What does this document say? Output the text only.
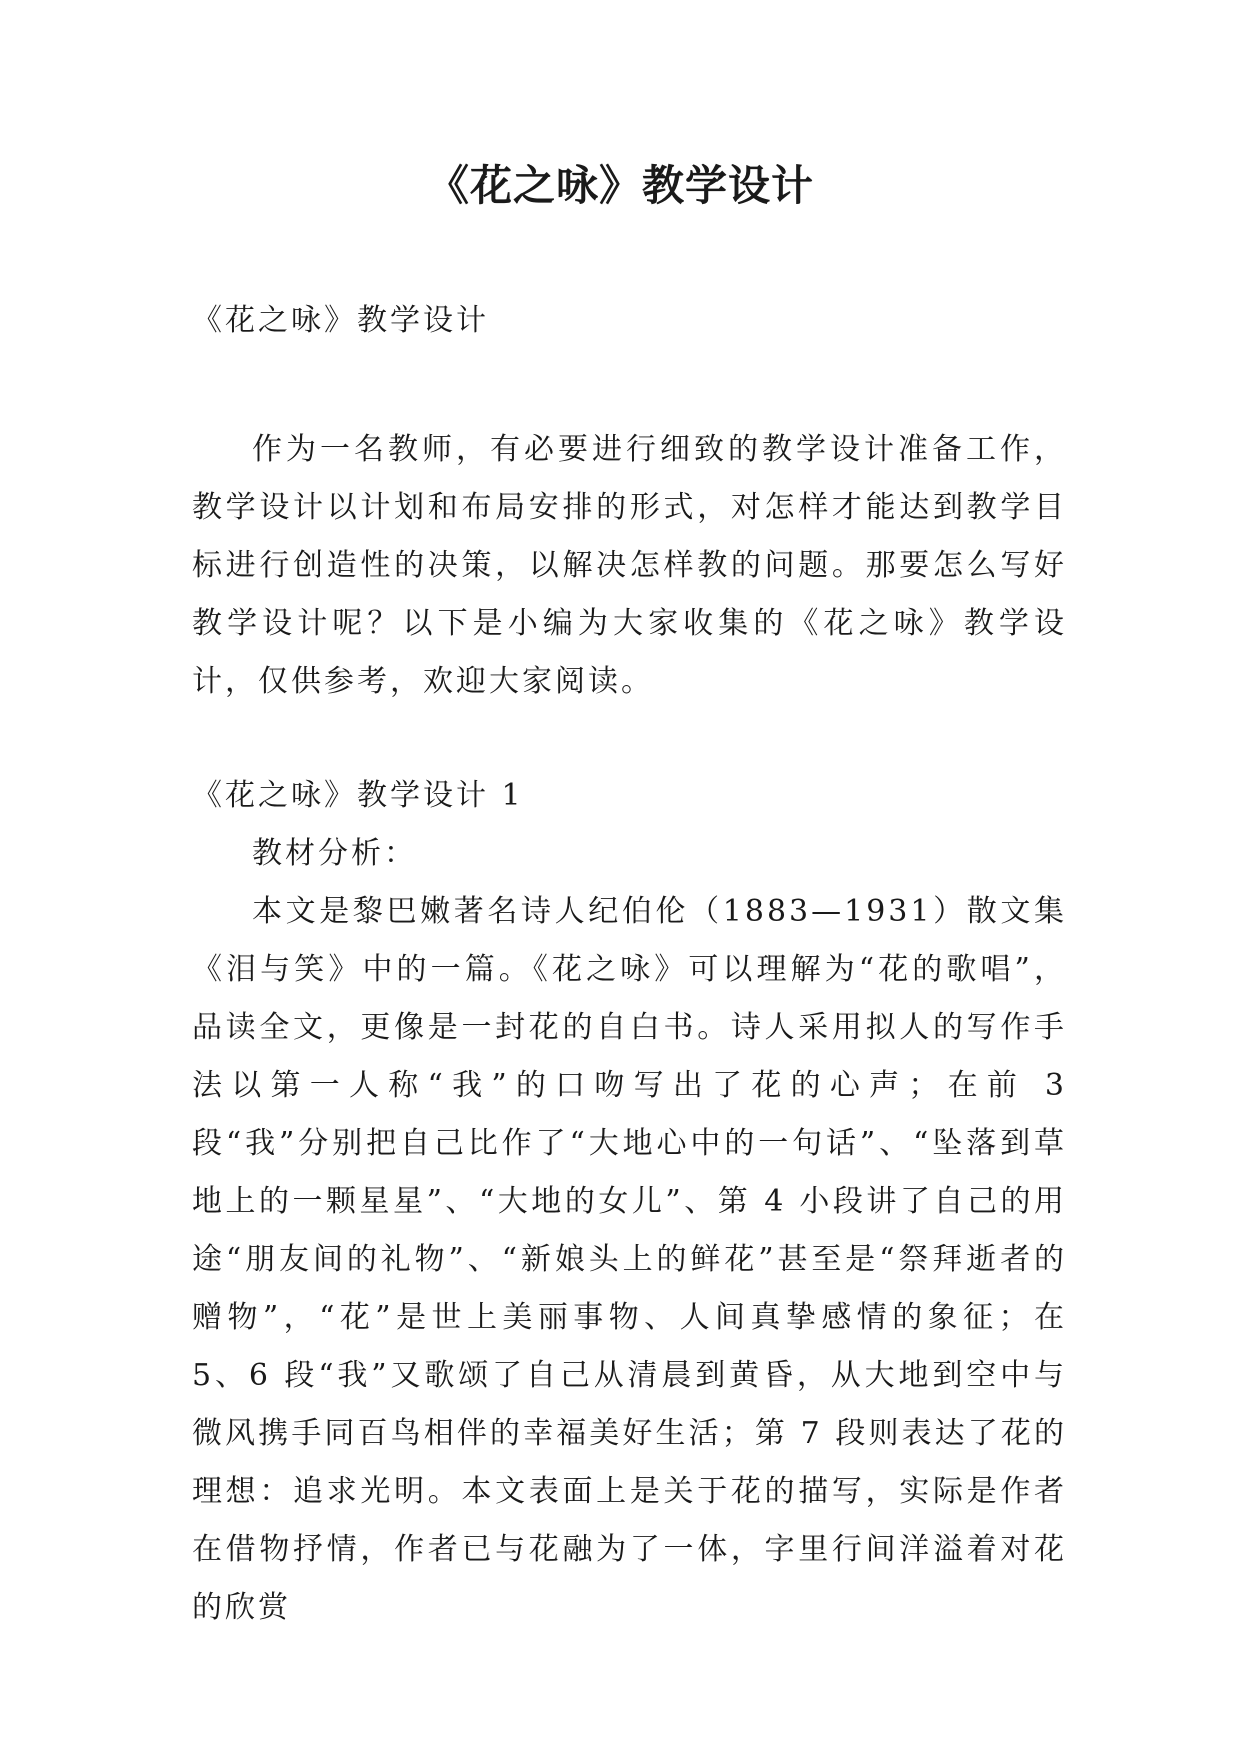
《花之咏》教学设计

《花之咏》教学设计

作为一名教师，有必要进行细致的教学设计准备工作，教学设计以计划和布局安排的形式，对怎样才能达到教学目标进行创造性的决策，以解决怎样教的问题。那要怎么写好教学设计呢？以下是小编为大家收集的《花之咏》教学设计，仅供参考，欢迎大家阅读。

《花之咏》教学设计 1

教材分析：

本文是黎巴嫩著名诗人纪伯伦（1883—1931）散文集《泪与笑》中的一篇。《花之咏》可以理解为“花的歌唱”，品读全文，更像是一封花的自白书。诗人采用拟人的写作手法以第一人称“我”的口吻写出了花的心声；在前 3 段“我”分别把自己比作了“大地心中的一句话”、“坠落到草地上的一颗星星”、“大地的女儿”、第 4 小段讲了自己的用途“朋友间的礼物”、“新娘头上的鲜花”甚至是“祭拜逝者的赠物”，“花”是世上美丽事物、人间真挚感情的象征；在 5、6 段“我”又歌颂了自己从清晨到黄昏，从大地到空中与微风携手同百鸟相伴的幸福美好生活；第 7 段则表达了花的理想：追求光明。本文表面上是关于花的描写，实际是作者在借物抒情，作者已与花融为了一体，字里行间洋溢着对花的欣赏
